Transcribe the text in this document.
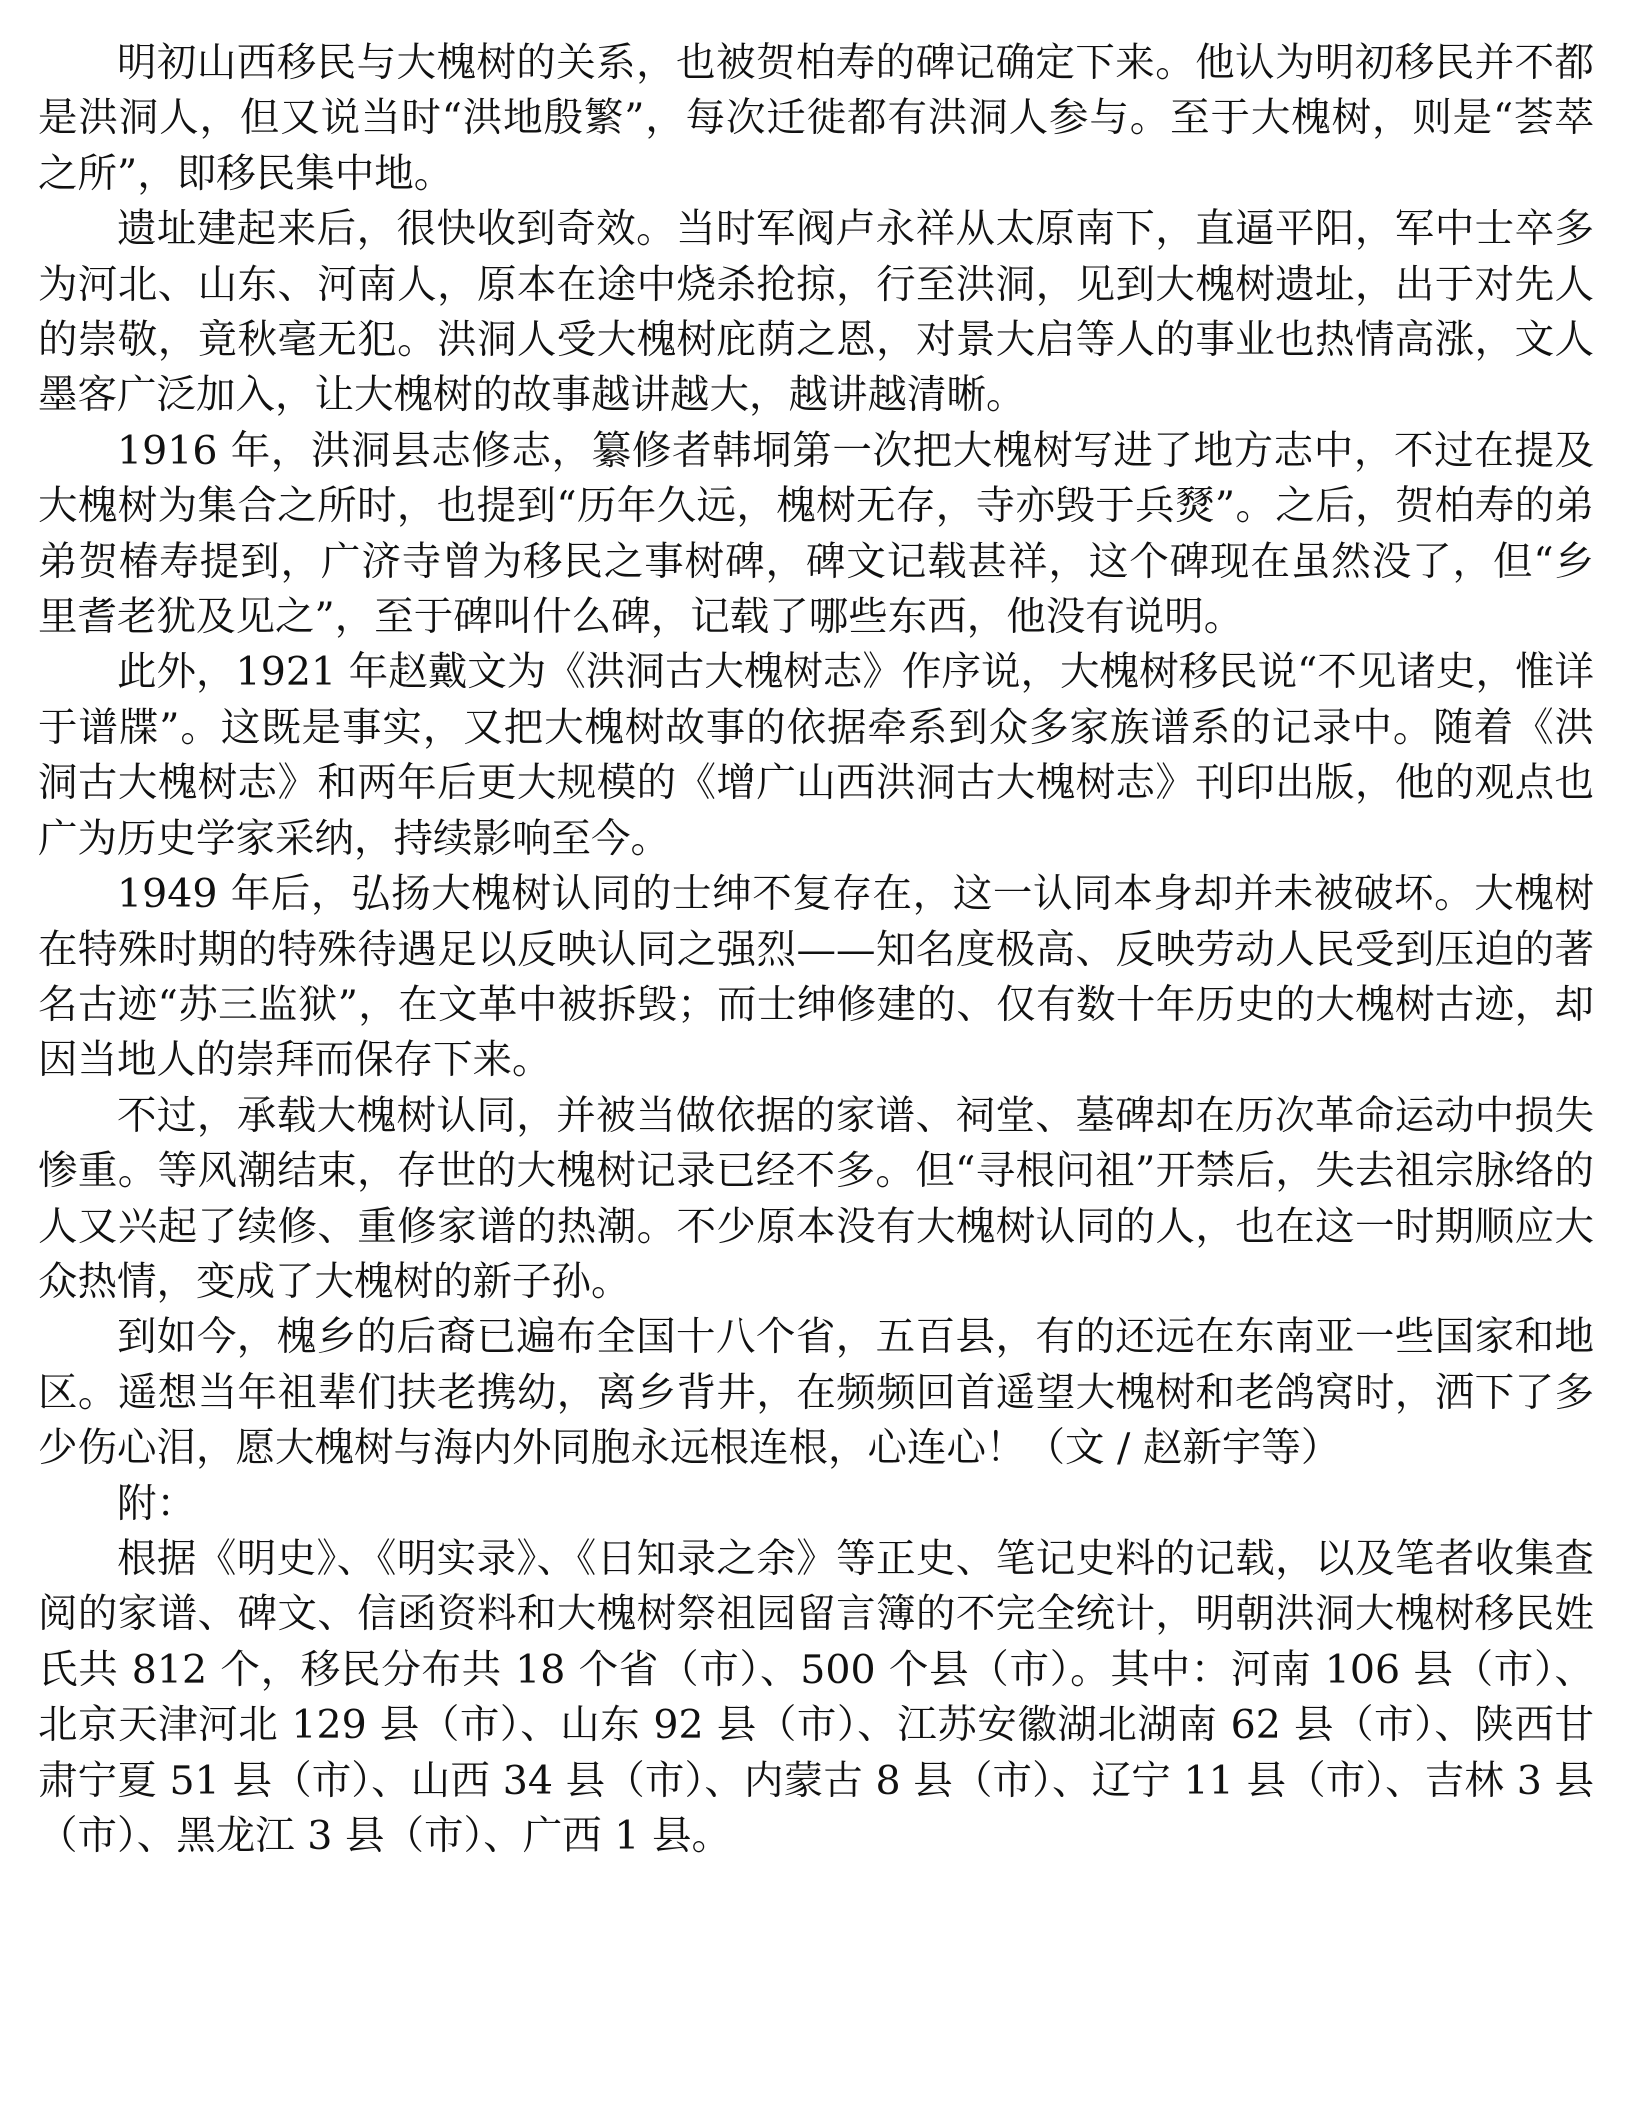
明初山西移民与大槐树的关系，也被贺柏寿的碑记确定下来。他认为明初移民并不都是洪洞人，但又说当时“洪地殷繁”，每次迁徙都有洪洞人参与。至于大槐树，则是“荟萃之所”，即移民集中地。

遗址建起来后，很快收到奇效。当时军阀卢永祥从太原南下，直逼平阳，军中士卒多为河北、山东、河南人，原本在途中烧杀抢掠，行至洪洞，见到大槐树遗址，出于对先人的崇敬，竟秋毫无犯。洪洞人受大槐树庇荫之恩，对景大启等人的事业也热情高涨，文人墨客广泛加入，让大槐树的故事越讲越大，越讲越清晰。

1916 年，洪洞县志修志，纂修者韩垌第一次把大槐树写进了地方志中，不过在提及大槐树为集合之所时，也提到“历年久远，槐树无存，寺亦毁于兵燹”。之后，贺柏寿的弟弟贺椿寿提到，广济寺曾为移民之事树碑，碑文记载甚祥，这个碑现在虽然没了，但“乡里耆老犹及见之”，至于碑叫什么碑，记载了哪些东西，他没有说明。

此外，1921 年赵戴文为《洪洞古大槐树志》作序说，大槐树移民说“不见诸史，惟详于谱牒”。这既是事实，又把大槐树故事的依据牵系到众多家族谱系的记录中。随着《洪洞古大槐树志》和两年后更大规模的《增广山西洪洞古大槐树志》刊印出版，他的观点也广为历史学家采纳，持续影响至今。

1949 年后，弘扬大槐树认同的士绅不复存在，这一认同本身却并未被破坏。大槐树在特殊时期的特殊待遇足以反映认同之强烈——知名度极高、反映劳动人民受到压迫的著名古迹“苏三监狱”，在文革中被拆毁；而士绅修建的、仅有数十年历史的大槐树古迹，却因当地人的崇拜而保存下来。

不过，承载大槐树认同，并被当做依据的家谱、祠堂、墓碑却在历次革命运动中损失惨重。等风潮结束，存世的大槐树记录已经不多。但“寻根问祖”开禁后，失去祖宗脉络的人又兴起了续修、重修家谱的热潮。不少原本没有大槐树认同的人，也在这一时期顺应大众热情，变成了大槐树的新子孙。

到如今，槐乡的后裔已遍布全国十八个省，五百县，有的还远在东南亚一些国家和地区。遥想当年祖辈们扶老携幼，离乡背井，在频频回首遥望大槐树和老鸽窝时，洒下了多少伤心泪，愿大槐树与海内外同胞永远根连根，心连心！（文 / 赵新宇等）

附：

根据《明史》、《明实录》、《日知录之余》等正史、笔记史料的记载，以及笔者收集查阅的家谱、碑文、信函资料和大槐树祭祖园留言簿的不完全统计，明朝洪洞大槐树移民姓氏共 812 个，移民分布共 18 个省（市）、500 个县（市）。其中：河南 106 县（市）、北京天津河北 129 县（市）、山东 92 县（市）、江苏安徽湖北湖南 62 县（市）、陕西甘肃宁夏 51 县（市）、山西 34 县（市）、内蒙古 8 县（市）、辽宁 11 县（市）、吉林 3 县（市）、黑龙江 3 县（市）、广西 1 县。
